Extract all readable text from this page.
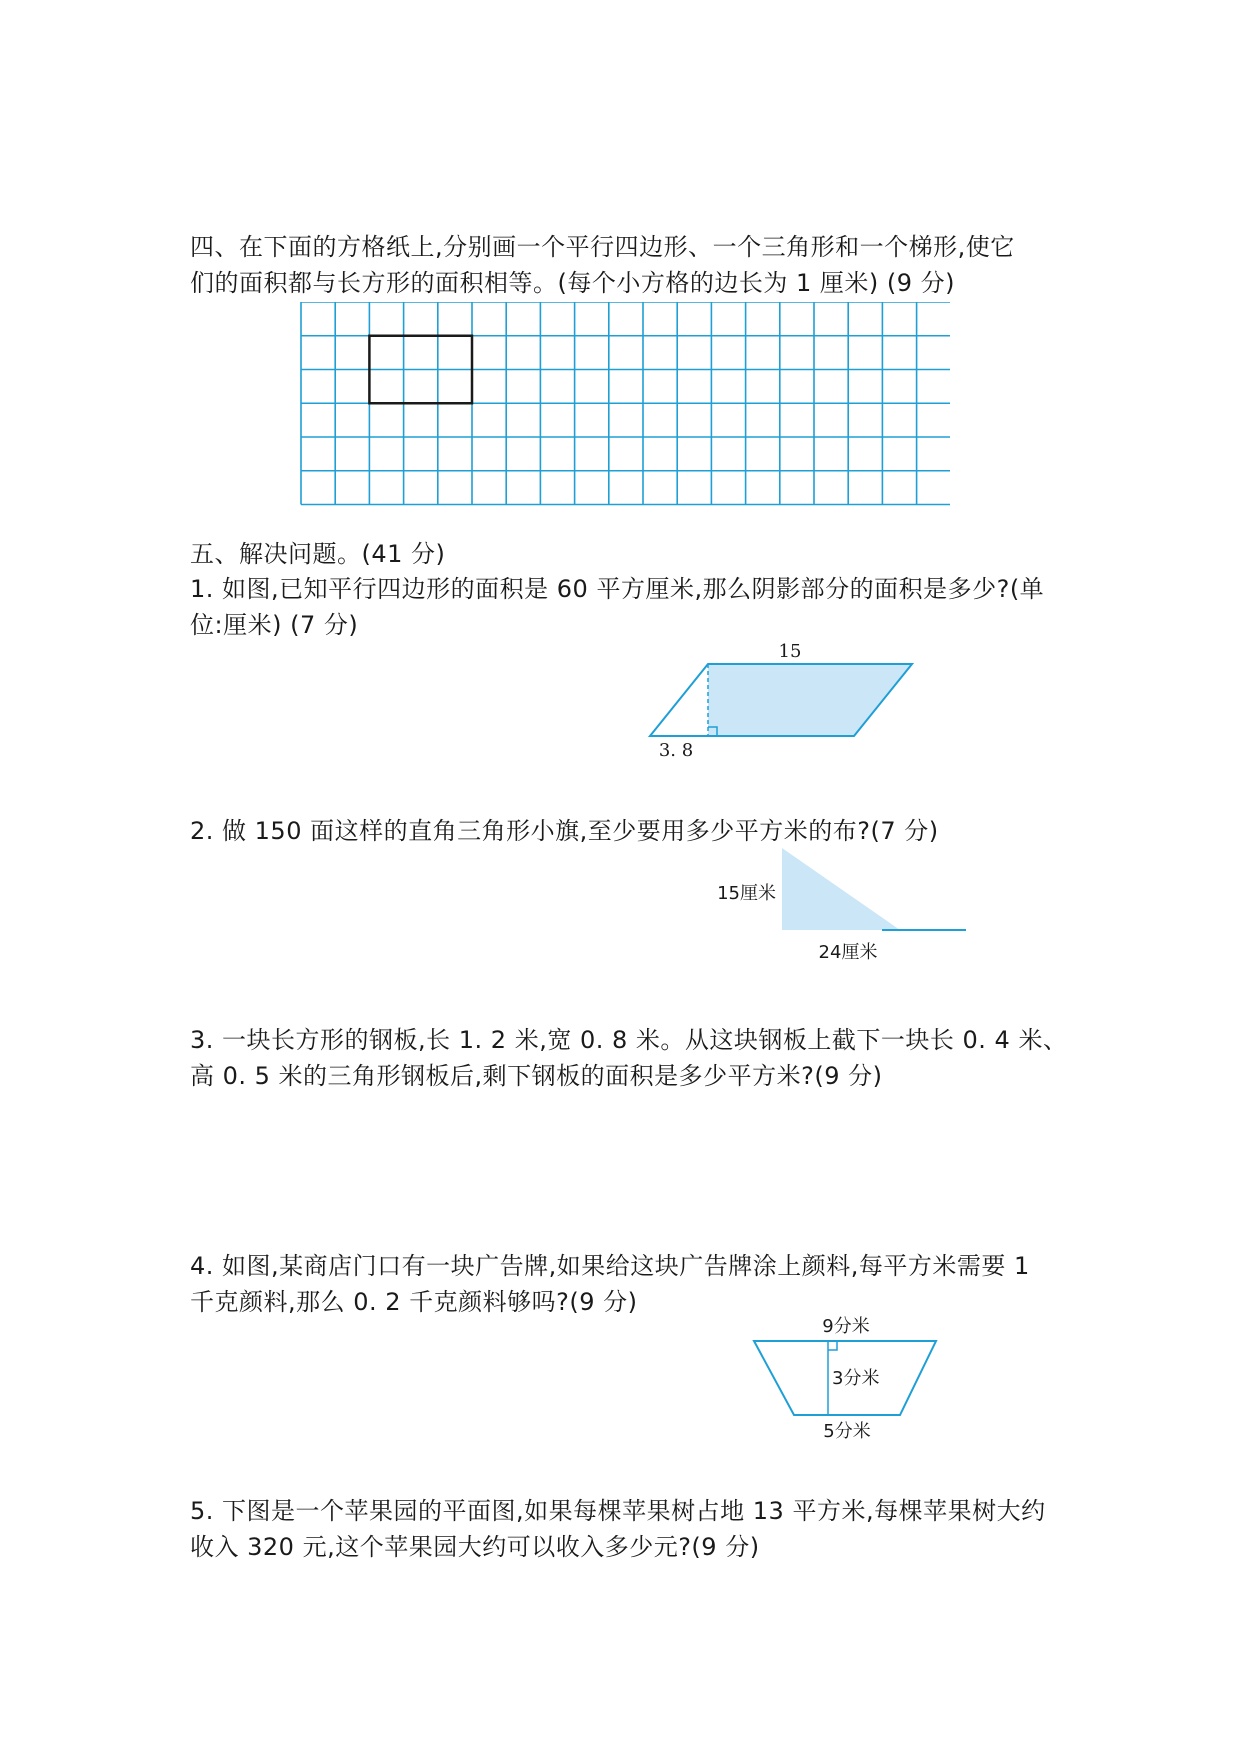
四、在下面的方格纸上,分别画一个平行四边形、一个三角形和一个梯形,使它
们的面积都与长方形的面积相等。(每个小方格的边长为 1 厘米) (9 分)
五、解决问题。(41 分)
1. 如图,已知平行四边形的面积是 60 平方厘米,那么阴影部分的面积是多少?(单
位:厘米) (7 分)
15
3. 8
2. 做 150 面这样的直角三角形小旗,至少要用多少平方米的布?(7 分)
15厘米
24厘米
3. 一块长方形的钢板,长 1. 2 米,宽 0. 8 米。从这块钢板上截下一块长 0. 4 米、
高 0. 5 米的三角形钢板后,剩下钢板的面积是多少平方米?(9 分)
4. 如图,某商店门口有一块广告牌,如果给这块广告牌涂上颜料,每平方米需要 1
千克颜料,那么 0. 2 千克颜料够吗?(9 分)
9分米
3分米
5分米
5. 下图是一个苹果园的平面图,如果每棵苹果树占地 13 平方米,每棵苹果树大约
收入 320 元,这个苹果园大约可以收入多少元?(9 分)
